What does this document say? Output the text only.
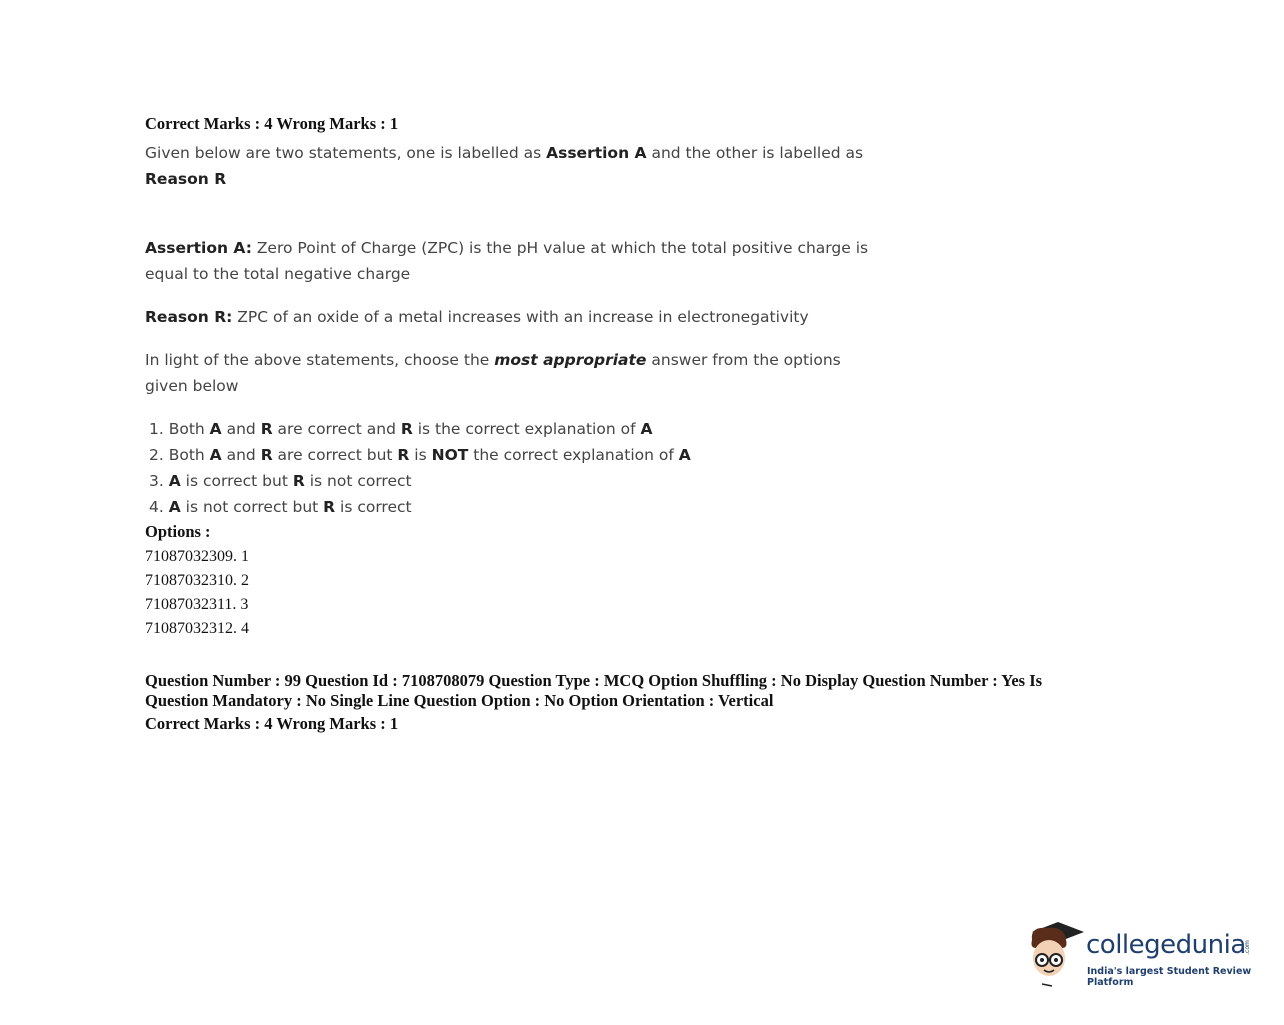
Correct Marks : 4 Wrong Marks : 1
Given below are two statements, one is labelled as Assertion A and the other is labelled as
Reason R
Assertion A: Zero Point of Charge (ZPC) is the pH value at which the total positive charge is equal to the total negative charge
Reason R: ZPC of an oxide of a metal increases with an increase in electronegativity
In light of the above statements, choose the most appropriate answer from the options given below
1. Both A and R are correct and R is the correct explanation of A
2. Both A and R are correct but R is NOT the correct explanation of A
3. A is correct but R is not correct
4. A is not correct but R is correct
Options :
71087032309. 1
71087032310. 2
71087032311. 3
71087032312. 4
Question Number : 99 Question Id : 7108708079 Question Type : MCQ Option Shuffling : No Display Question Number : Yes Is Question Mandatory : No Single Line Question Option : No Option Orientation : Vertical
Correct Marks : 4 Wrong Marks : 1
collegedunia
.com
India's largest Student Review Platform
